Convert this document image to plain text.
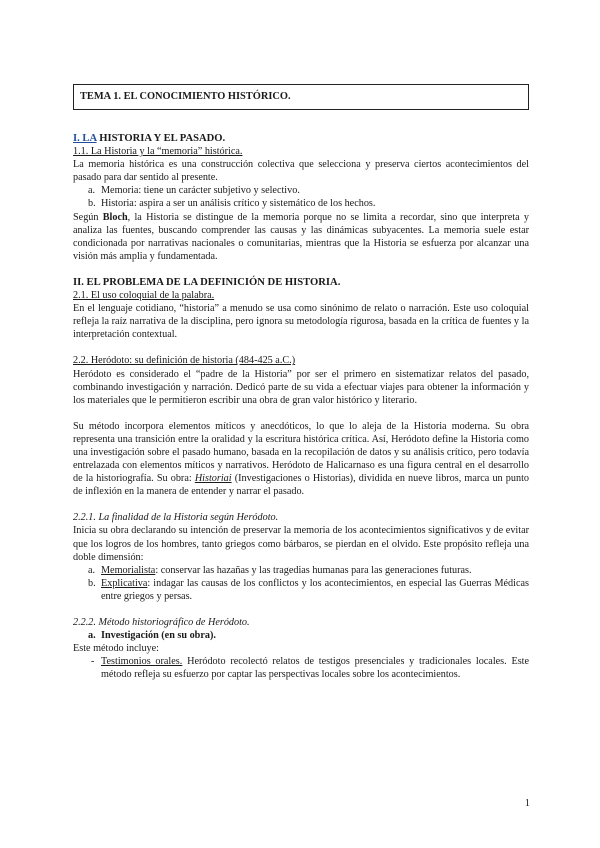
TEMA 1. EL CONOCIMIENTO HISTÓRICO.

I. LA HISTORIA Y EL PASADO.

1.1. La Historia y la “memoria” histórica.

La memoria histórica es una construcción colectiva que selecciona y preserva ciertos acontecimientos del pasado para dar sentido al presente.

a. Memoria: tiene un carácter subjetivo y selectivo.
b. Historia: aspira a ser un análisis crítico y sistemático de los hechos.

Según Bloch, la Historia se distingue de la memoria porque no se limita a recordar, sino que interpreta y analiza las fuentes, buscando comprender las causas y las dinámicas subyacentes. La memoria suele estar condicionada por narrativas nacionales o comunitarias, mientras que la Historia se esfuerza por alcanzar una visión más amplia y fundamentada.

II. EL PROBLEMA DE LA DEFINICIÓN DE HISTORIA.

2.1. El uso coloquial de la palabra.

En el lenguaje cotidiano, “historia” a menudo se usa como sinónimo de relato o narración. Este uso coloquial refleja la raíz narrativa de la disciplina, pero ignora su metodología rigurosa, basada en la crítica de fuentes y la interpretación contextual.

2.2. Heródoto: su definición de historia (484-425 a.C.)

Heródoto es considerado el “padre de la Historia” por ser el primero en sistematizar relatos del pasado, combinando investigación y narración. Dedicó parte de su vida a efectuar viajes para obtener la información y los materiales que le permitieron escribir una obra de gran valor histórico y literario.

Su método incorpora elementos míticos y anecdóticos, lo que lo aleja de la Historia moderna. Su obra representa una transición entre la oralidad y la escritura histórica crítica. Así, Heródoto define la Historia como una investigación sobre el pasado humano, basada en la recopilación de datos y su análisis crítico, pero todavía entrelazada con elementos míticos y narrativos. Heródoto de Halicarnaso es una figura central en el desarrollo de la historiografía. Su obra: Historiai (Investigaciones o Historias), dividida en nueve libros, marca un punto de inflexión en la manera de entender y narrar el pasado.

2.2.1. La finalidad de la Historia según Heródoto.

Inicia su obra declarando su intención de preservar la memoria de los acontecimientos significativos y de evitar que los logros de los hombres, tanto griegos como bárbaros, se pierdan en el olvido. Este propósito refleja una doble dimensión:

a. Memorialista: conservar las hazañas y las tragedias humanas para las generaciones futuras.
b. Explicativa: indagar las causas de los conflictos y los acontecimientos, en especial las Guerras Médicas entre griegos y persas.

2.2.2. Método historiográfico de Heródoto.

a. Investigación (en su obra).

Este método incluye:

- Testimonios orales. Heródoto recolectó relatos de testigos presenciales y tradicionales locales. Este método refleja su esfuerzo por captar las perspectivas locales sobre los acontecimientos.
1
